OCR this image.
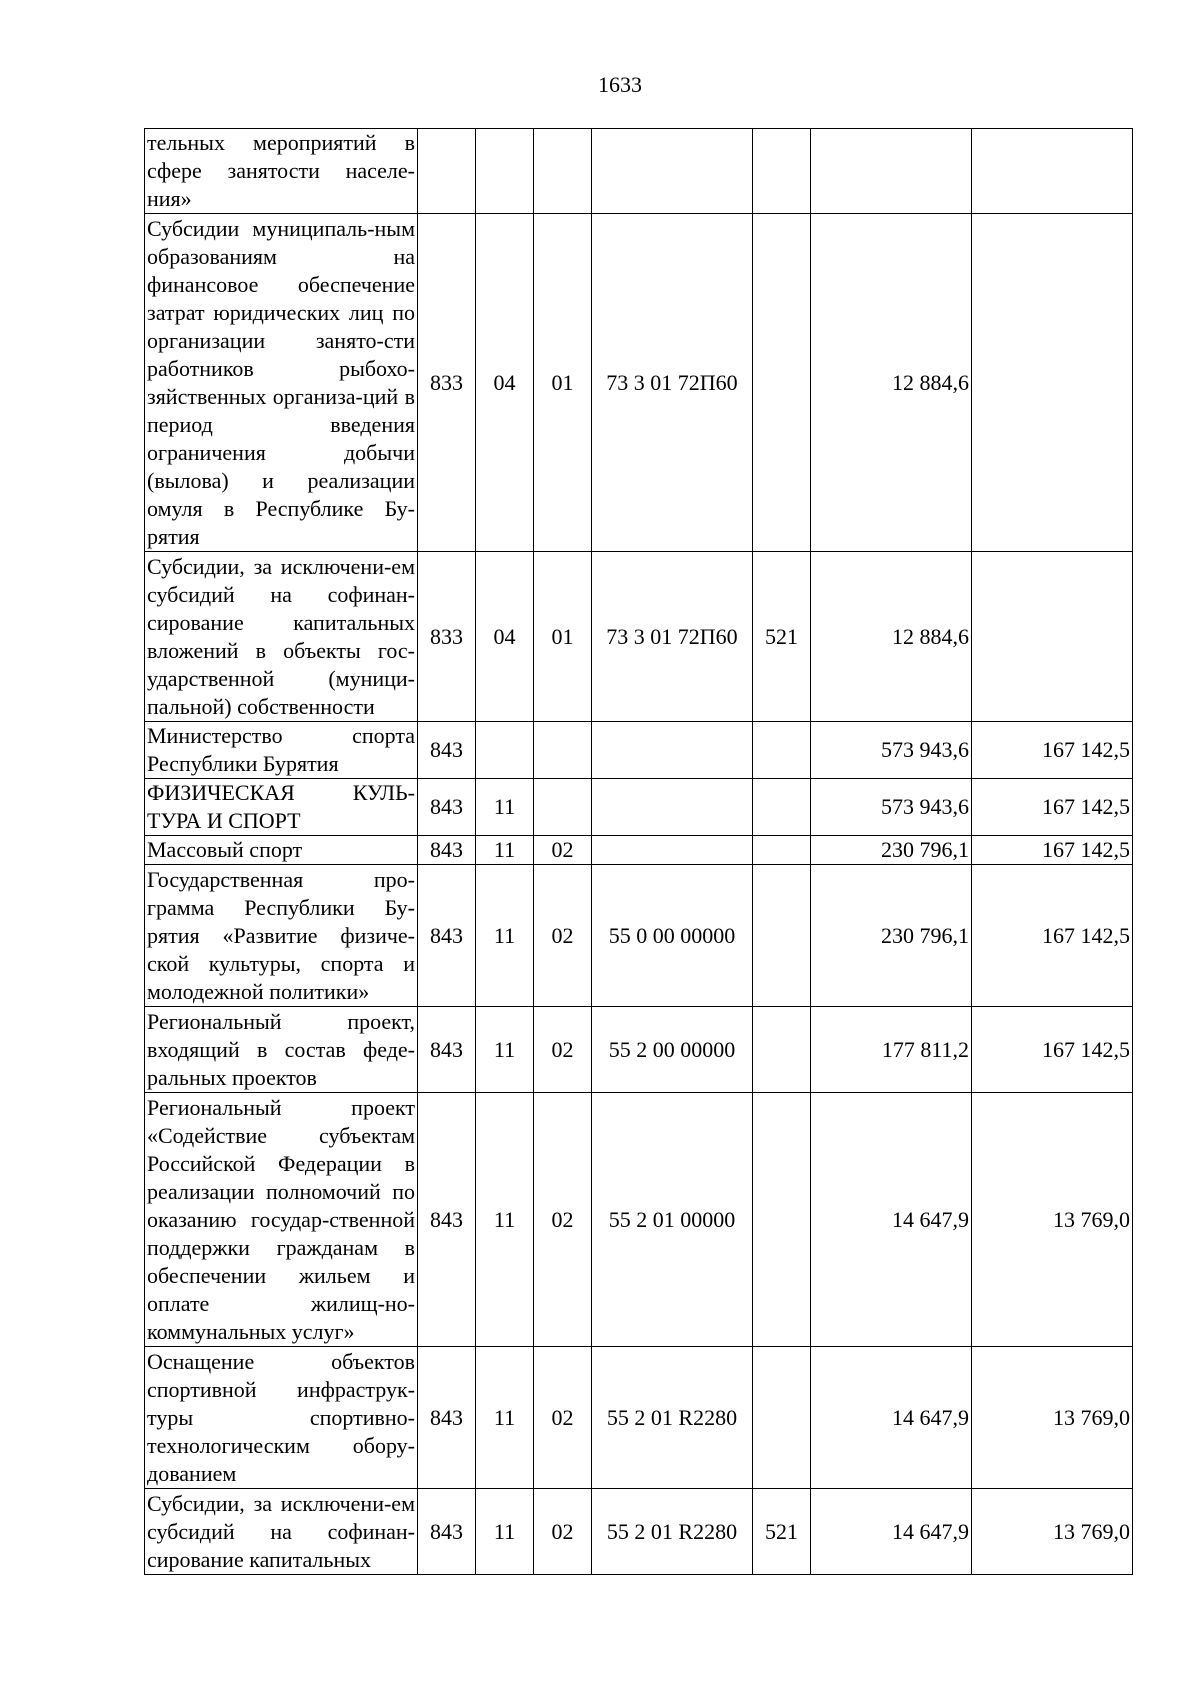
1633
тельных мероприятий в сфере занятости населе-ния»							
Субсидии муниципаль-ным образованиям на финансовое обеспечение затрат юридических лиц по организации занято-сти работников рыбохо-зяйственных организа-ций в период введения ограничения добычи (вылова) и реализации омуля в Республике Бу-рятия	833	04	01	73 3 01 72П60		12 884,6	
Субсидии, за исключени-ем субсидий на софинан-сирование капитальных вложений в объекты гос-ударственной (муници-пальной) собственности	833	04	01	73 3 01 72П60	521	12 884,6	
Министерство спорта Республики Бурятия	843					573 943,6	167 142,5
ФИЗИЧЕСКАЯ КУЛЬ-ТУРА И СПОРТ	843	11				573 943,6	167 142,5
Массовый спорт	843	11	02			230 796,1	167 142,5
Государственная про-грамма Республики Бу-рятия «Развитие физиче-ской культуры, спорта и молодежной политики»	843	11	02	55 0 00 00000		230 796,1	167 142,5
Региональный проект, входящий в состав феде-ральных проектов	843	11	02	55 2 00 00000		177 811,2	167 142,5
Региональный проект «Содействие субъектам Российской Федерации в реализации полномочий по оказанию государ-ственной поддержки гражданам в обеспечении жильем и оплате жилищ-но-коммунальных услуг»	843	11	02	55 2 01 00000		14 647,9	13 769,0
Оснащение объектов спортивной инфраструк-туры спортивно-технологическим обору-дованием	843	11	02	55 2 01 R2280		14 647,9	13 769,0
Субсидии, за исключени-ем субсидий на софинан-сирование капитальных	843	11	02	55 2 01 R2280	521	14 647,9	13 769,0
